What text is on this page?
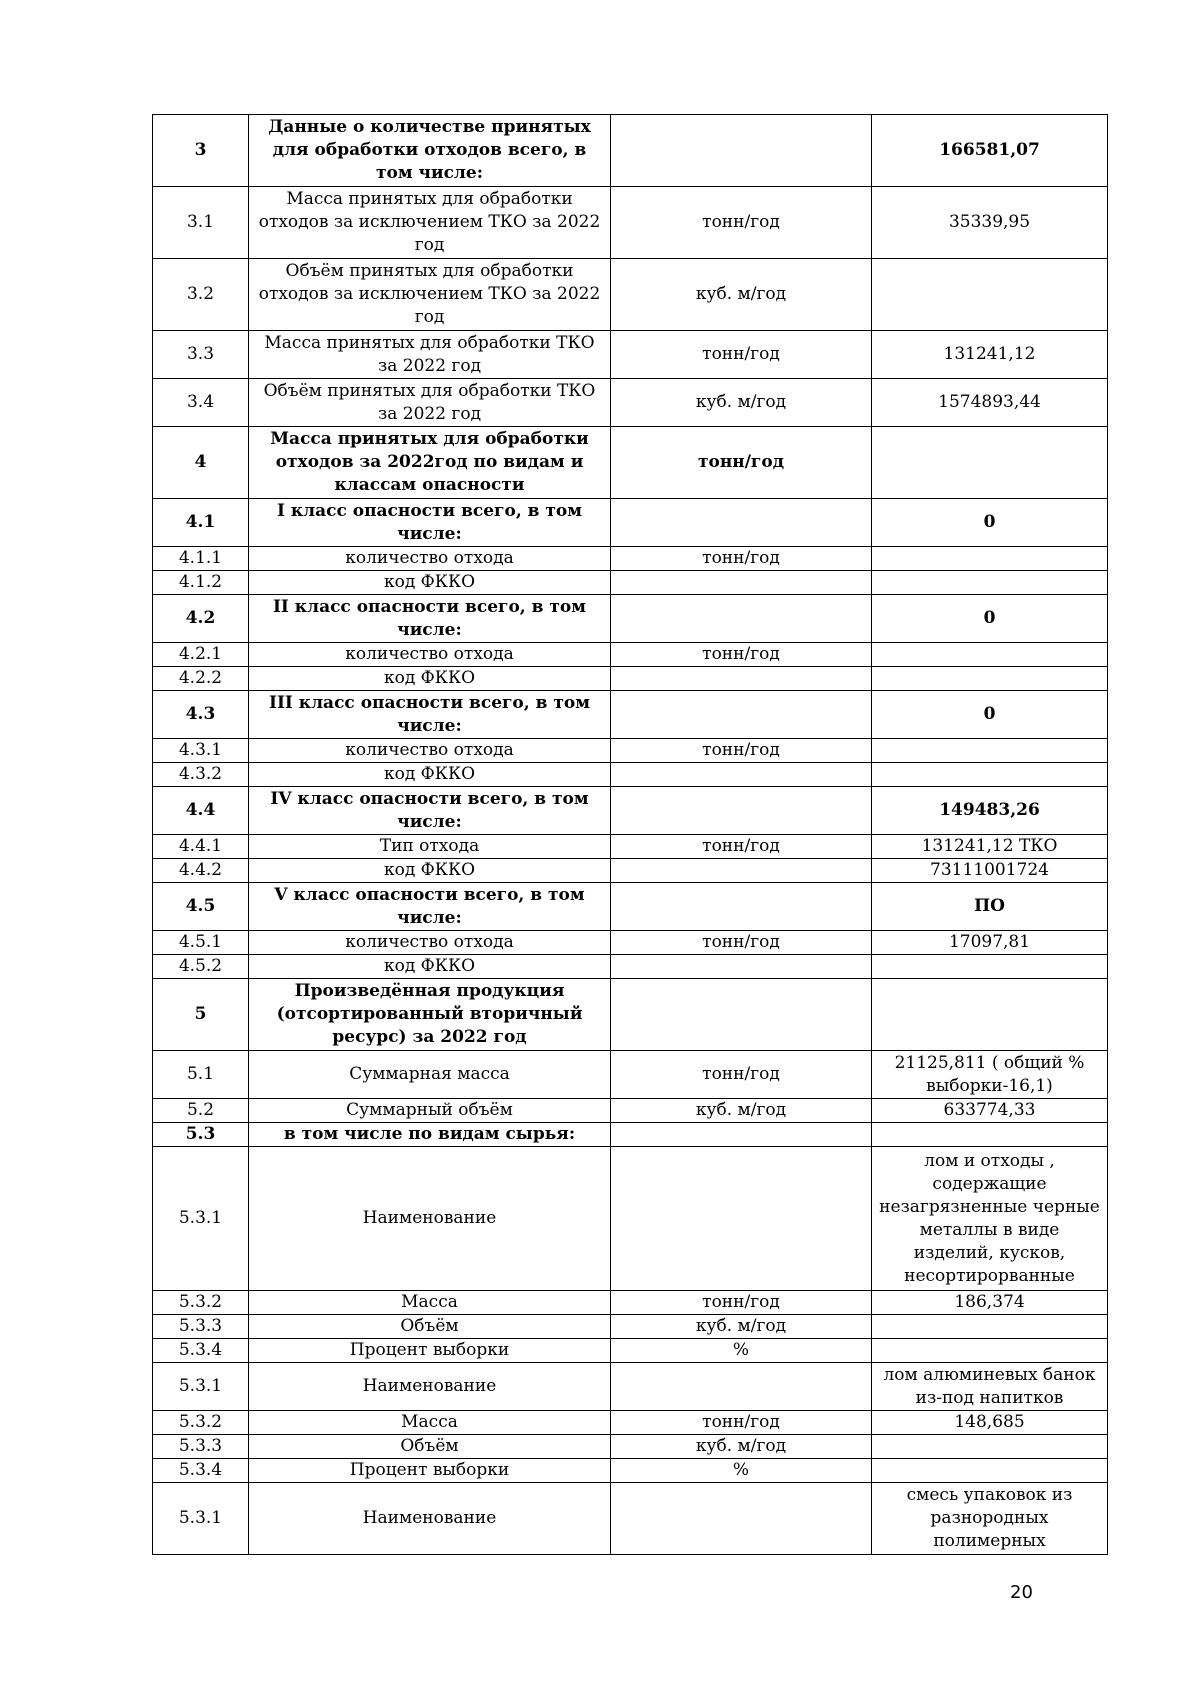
3	Данные о количестве принятых для обработки отходов всего, в том числе:		166581,07
3.1	Масса принятых для обработки отходов за исключением ТКО за 2022 год	тонн/год	35339,95
3.2	Объём принятых для обработки отходов за исключением ТКО за 2022 год	куб. м/год	
3.3	Масса принятых для обработки ТКО за 2022 год	тонн/год	131241,12
3.4	Объём принятых для обработки ТКО за 2022 год	куб. м/год	1574893,44
4	Масса принятых для обработки отходов за 2022год по видам и классам опасности	тонн/год	
4.1	I класс опасности всего, в том числе:		0
4.1.1	количество отхода	тонн/год	
4.1.2	код ФККО		
4.2	II класс опасности всего, в том числе:		0
4.2.1	количество отхода	тонн/год	
4.2.2	код ФККО		
4.3	III класс опасности всего, в том числе:		0
4.3.1	количество отхода	тонн/год	
4.3.2	код ФККО		
4.4	IV класс опасности всего, в том числе:		149483,26
4.4.1	Тип отхода	тонн/год	131241,12 ТКО
4.4.2	код ФККО		73111001724
4.5	V класс опасности всего, в том числе:		ПО
4.5.1	количество отхода	тонн/год	17097,81
4.5.2	код ФККО		
5	Произведённая продукция (отсортированный вторичный ресурс) за 2022 год		
5.1	Суммарная масса	тонн/год	21125,811 ( общий % выборки-16,1)
5.2	Суммарный объём	куб. м/год	633774,33
5.3	в том числе по видам сырья:		
5.3.1	Наименование		лом и отходы , содержащие незагрязненные черные металлы в виде изделий, кусков, несортирорванные
5.3.2	Масса	тонн/год	186,374
5.3.3	Объём	куб. м/год	
5.3.4	Процент выборки	%	
5.3.1	Наименование		лом алюминевых банок из-под напитков
5.3.2	Масса	тонн/год	148,685
5.3.3	Объём	куб. м/год	
5.3.4	Процент выборки	%	
5.3.1	Наименование		смесь упаковок из разнородных полимерных
20
